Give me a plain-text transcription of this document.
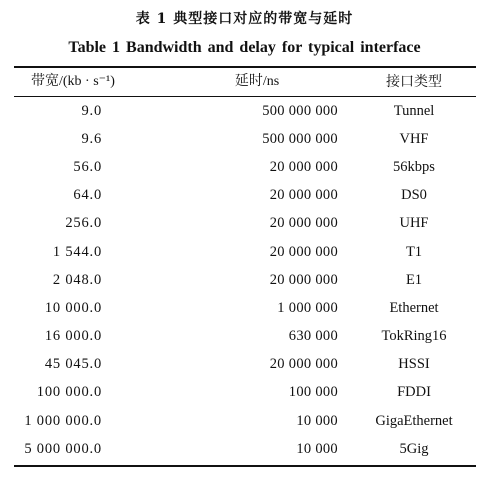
表 1 典型接口对应的带宽与延时
Table 1 Bandwidth and delay for typical interface
带宽/(kb · s⁻¹)	延时/ns	接口类型
9.0	500 000 000	Tunnel
9.6	500 000 000	VHF
56.0	20 000 000	56kbps
64.0	20 000 000	DS0
256.0	20 000 000	UHF
1 544.0	20 000 000	T1
2 048.0	20 000 000	E1
10 000.0	1 000 000	Ethernet
16 000.0	630 000	TokRing16
45 045.0	20 000 000	HSSI
100 000.0	100 000	FDDI
1 000 000.0	10 000	GigaEthernet
5 000 000.0	10 000	5Gig
